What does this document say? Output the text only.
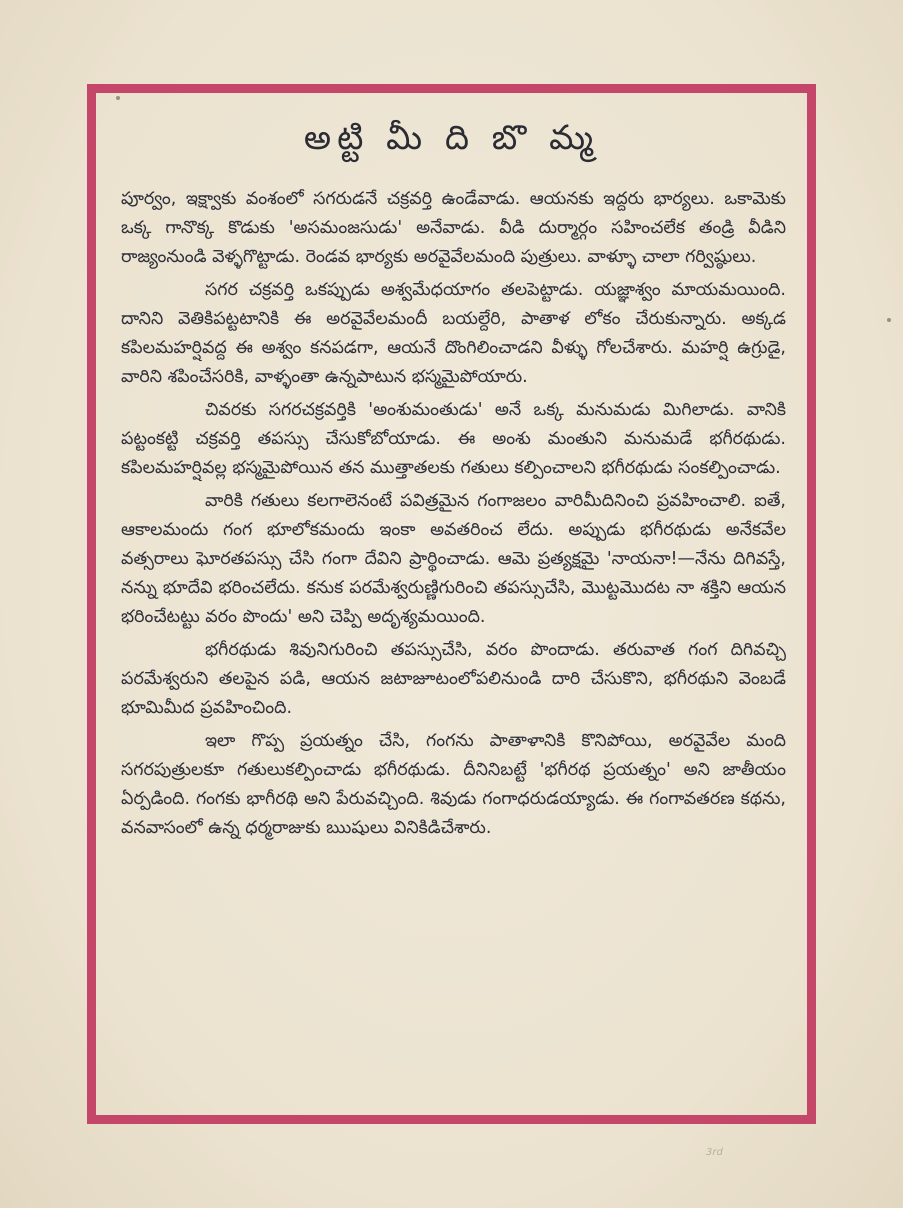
అట్టి మీ ది బొ మ్మ

పూర్వం, ఇక్ష్వాకు వంశంలో సగరుడనే చక్రవర్తి ఉండేవాడు. ఆయనకు ఇద్దరు భార్యలు. ఒకామెకు ఒక్క గానొక్క కొడుకు 'అసమంజసుడు' అనేవాడు. వీడి దుర్మార్గం సహించలేక తండ్రి వీడిని రాజ్యంనుండి వెళ్ళగొట్టాడు. రెండవ భార్యకు అరవైవేలమంది పుత్రులు. వాళ్ళూ చాలా గర్విష్ఠులు.

సగర చక్రవర్తి ఒకప్పుడు అశ్వమేధయాగం తలపెట్టాడు. యజ్ఞాశ్వం మాయమయింది. దానిని వెతికిపట్టటానికి ఈ అరవైవేలమందీ బయల్దేరి, పాతాళ లోకం చేరుకున్నారు. అక్కడ కపిలమహర్షివద్ద ఈ అశ్వం కనపడగా, ఆయనే దొంగిలించాడని వీళ్ళు గోలచేశారు. మహర్షి ఉగ్రుడై, వారిని శపించేసరికి, వాళ్ళంతా ఉన్నపాటున భస్మమైపోయారు.

చివరకు సగరచక్రవర్తికి 'అంశుమంతుడు' అనే ఒక్క మనుమడు మిగిలాడు. వానికి పట్టంకట్టి చక్రవర్తి తపస్సు చేసుకోబోయాడు. ఈ అంశు మంతుని మనుమడే భగీరథుడు. కపిలమహర్షివల్ల భస్మమైపోయిన తన ముత్తాతలకు గతులు కల్పించాలని భగీరథుడు సంకల్పించాడు.

వారికి గతులు కలగాలెనంటే పవిత్రమైన గంగాజలం వారిమీదినించి ప్రవహించాలి. ఐతే, ఆకాలమందు గంగ భూలోకమందు ఇంకా అవతరించ లేదు. అప్పుడు భగీరథుడు అనేకవేల వత్సరాలు ఘోరతపస్సు చేసి గంగా దేవిని ప్రార్థించాడు. ఆమె ప్రత్యక్షమై 'నాయనా!—నేను దిగివస్తే, నన్ను భూదేవి భరించలేదు. కనుక పరమేశ్వరుణ్ణిగురించి తపస్సుచేసి, మొట్టమొదట నా శక్తిని ఆయన భరించేటట్టు వరం పొందు' అని చెప్పి అదృశ్యమయింది.

భగీరథుడు శివునిగురించి తపస్సుచేసి, వరం పొందాడు. తరువాత గంగ దిగివచ్చి పరమేశ్వరుని తలపైన పడి, ఆయన జటాజూటంలోపలినుండి దారి చేసుకొని, భగీరథుని వెంబడే భూమిమీద ప్రవహించింది.

ఇలా గొప్ప ప్రయత్నం చేసి, గంగను పాతాళానికి కొనిపోయి, అరవైవేల మంది సగరపుత్రులకూ గతులుకల్పించాడు భగీరథుడు. దీనినిబట్టే 'భగీరథ ప్రయత్నం' అని జాతీయం ఏర్పడింది. గంగకు భాగీరథి అని పేరువచ్చింది. శివుడు గంగాధరుడయ్యాడు. ఈ గంగావతరణ కథను, వనవాసంలో ఉన్న ధర్మరాజుకు ఋషులు వినికిడిచేశారు.

3rd
